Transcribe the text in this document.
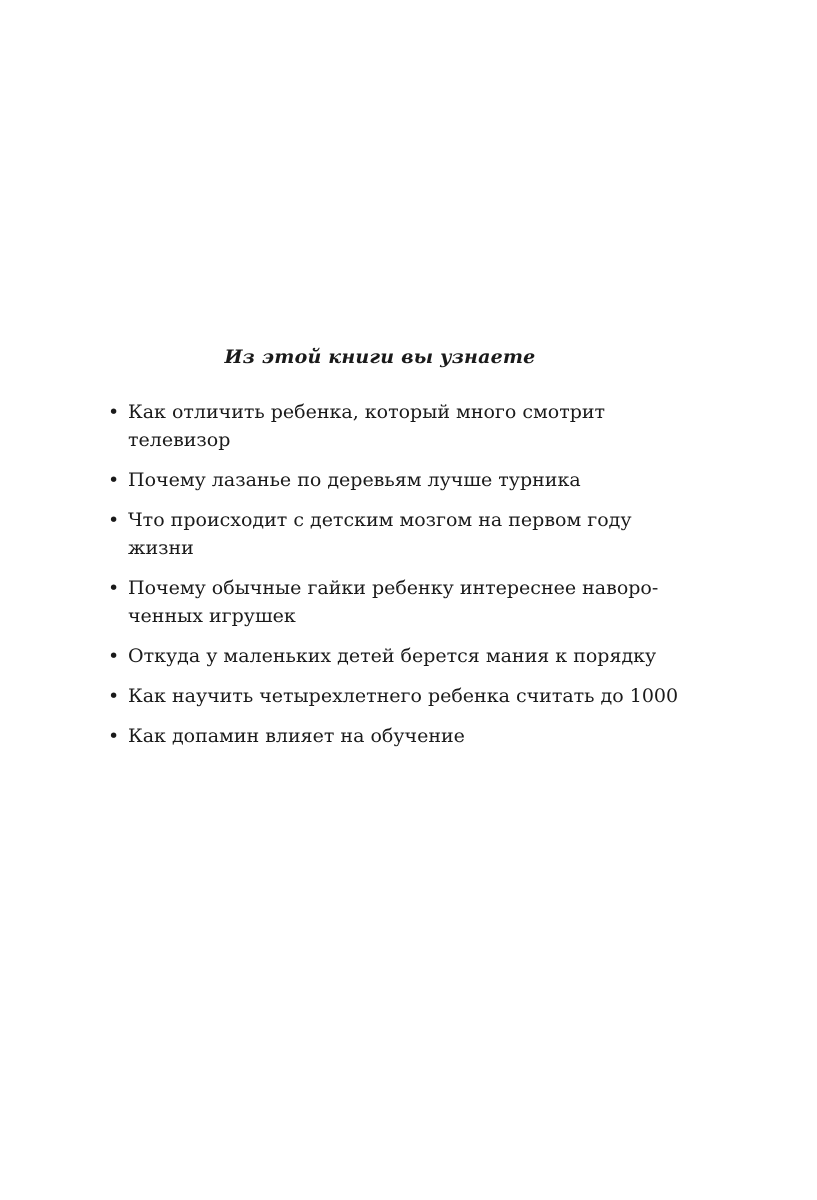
Из этой книги вы узнаете
• Как отличить ребенка, который много смотрит
телевизор
• Почему лазанье по деревьям лучше турника
• Что происходит с детским мозгом на первом году
жизни
• Почему обычные гайки ребенку интереснее наворо-
ченных игрушек
• Откуда у маленьких детей берется мания к порядку
• Как научить четырехлетнего ребенка считать до 1000
• Как допамин влияет на обучение
